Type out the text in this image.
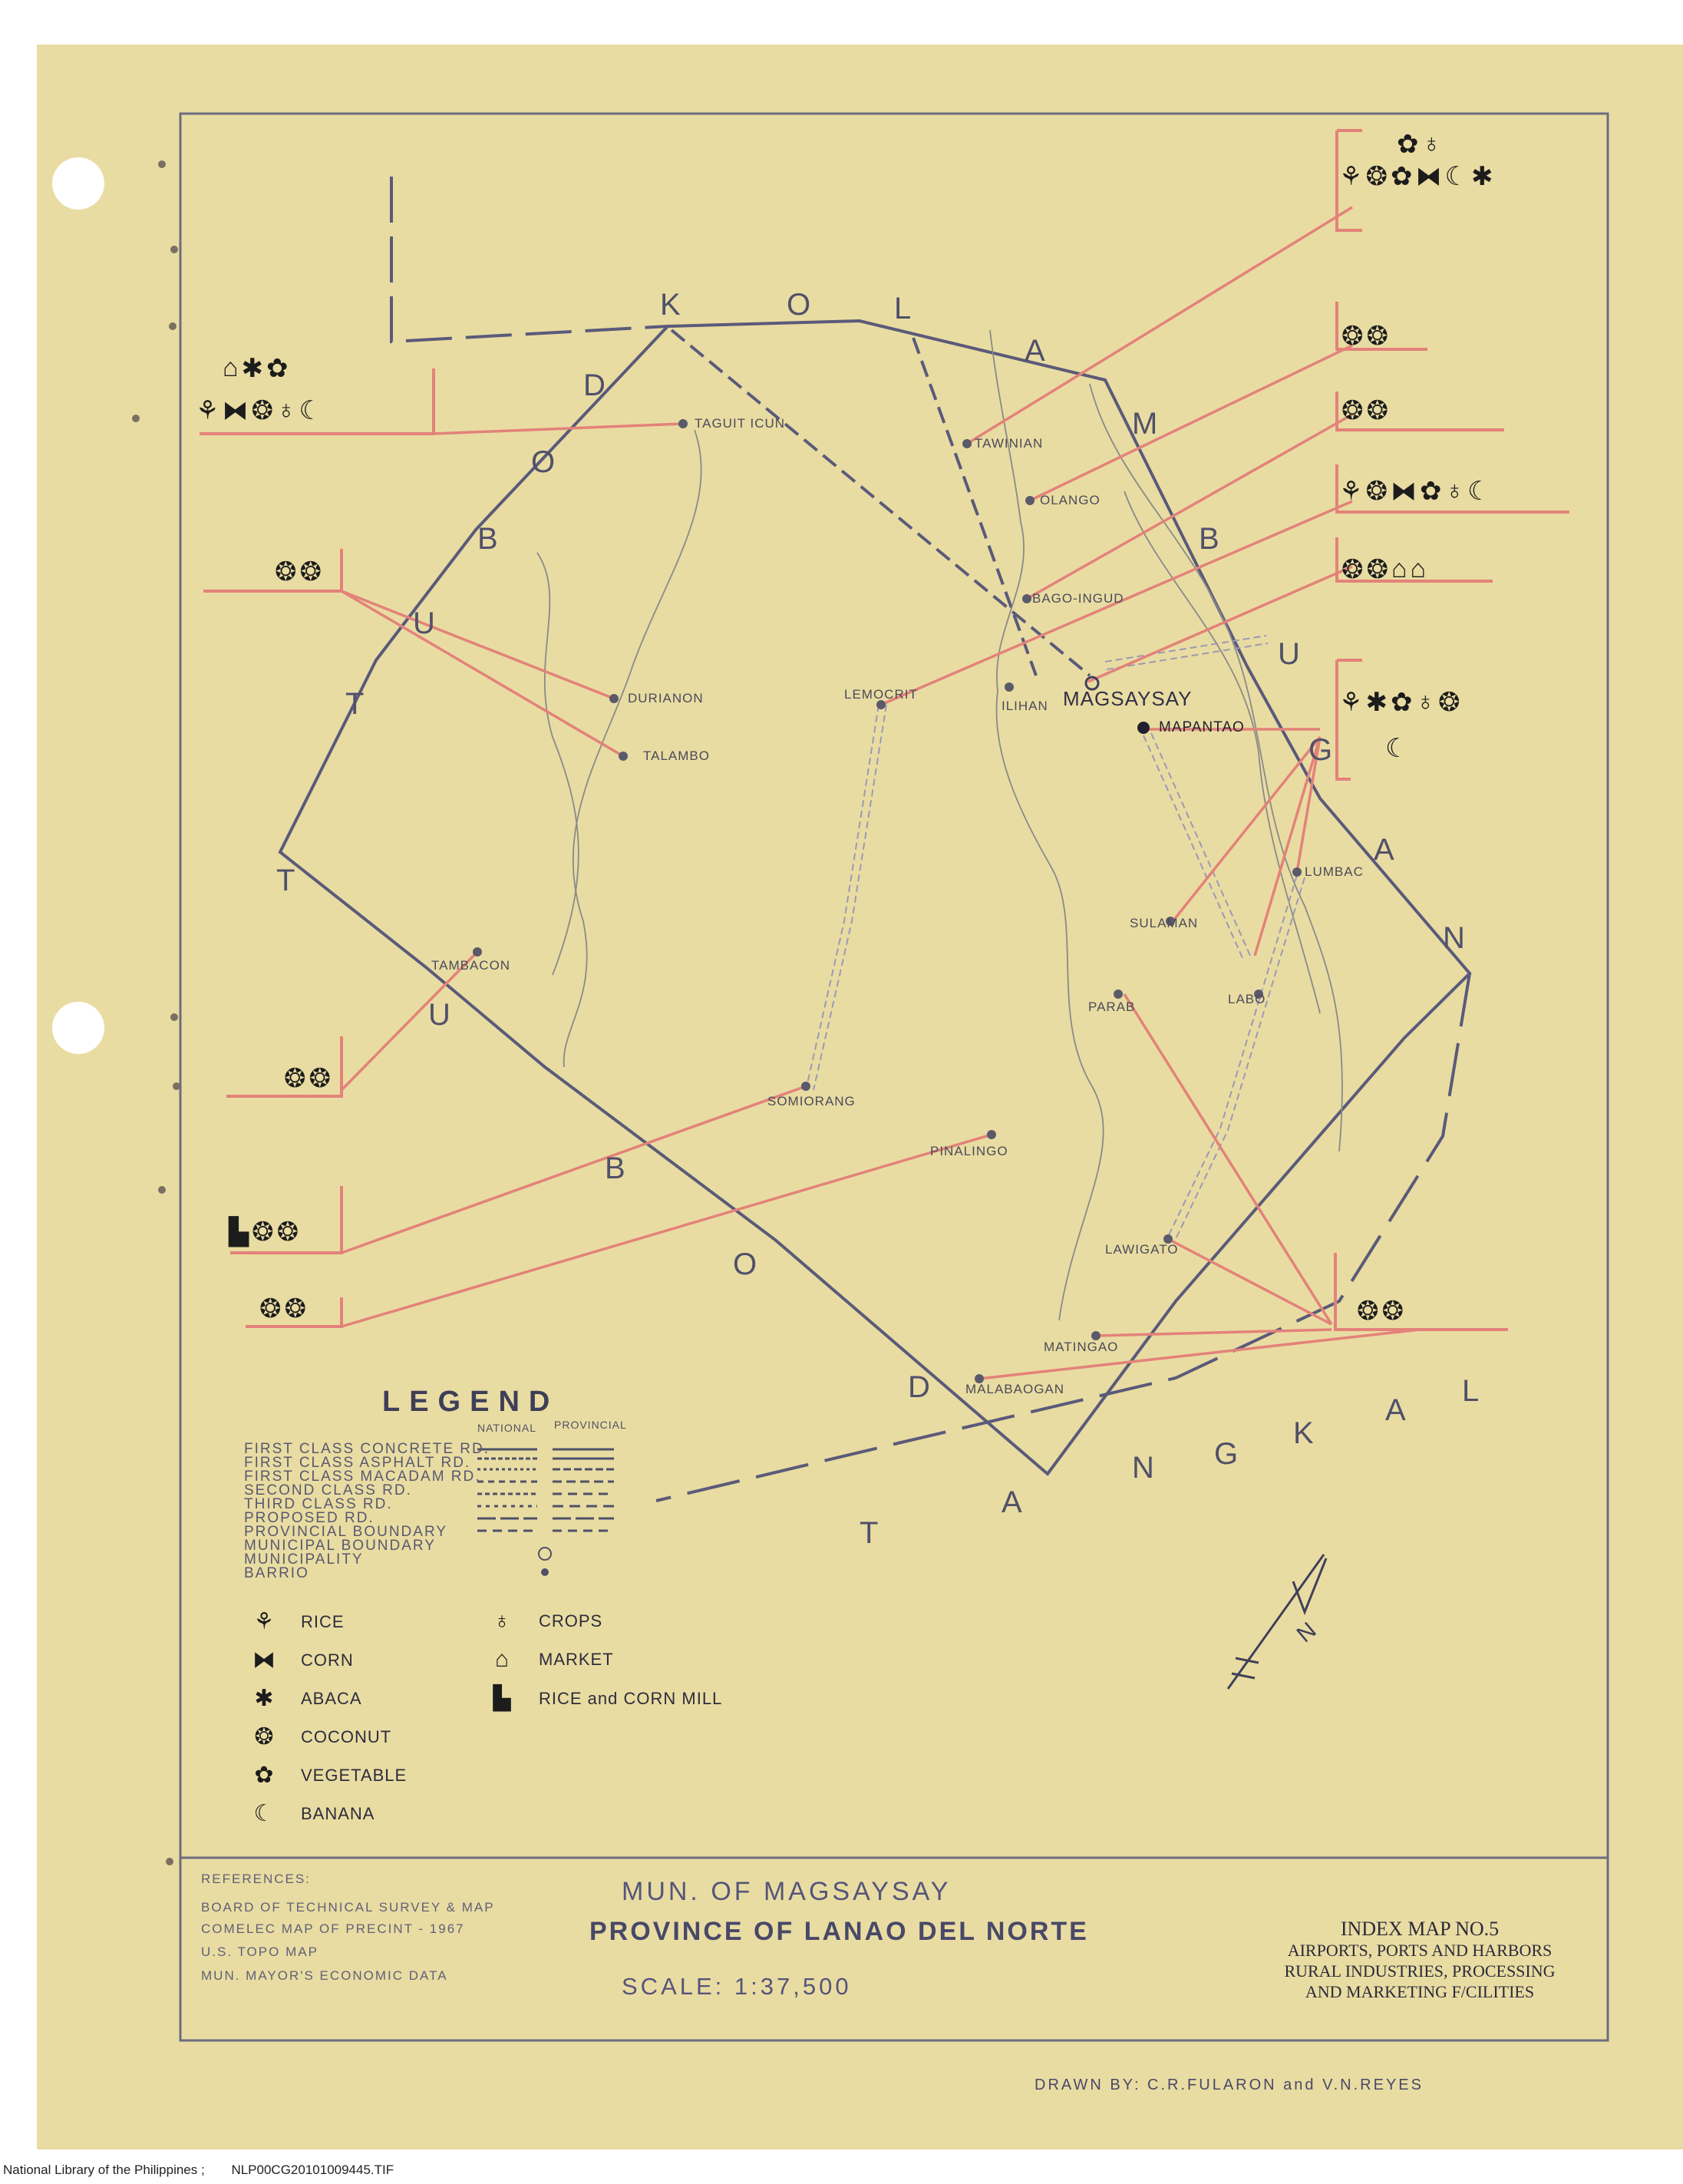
K	O	L
A
M
B
U
G
A
N
T
U
B
O
D
T
U
B
O
D
T
A
N G
K
A
L
TAGUIT ICUN
TAWINIAN
OLANGO
BAGO-INGUD
DURIANON
TALAMBO
LEMOCRIT
ILIHAN MAGSAYSAY
MAPANTAO
LUMBAC
SULAMAN
LABO
PARAB
TAMBACON
SOMIORANG
PINALINGO
LAWIGATO
MATINGAO
MALABAOGAN
✿ ♁
⚘ ❂ ✿ ⧓ ☾ ✱
❂ ❂
❂ ❂
⚘ ❂ ⧓ ✿ ♁ ☾
❂ ❂ ⌂ ⌂
⚘ ✱ ✿ ♁ ❂
☾
❂ ❂
⌂ ✱ ✿
⚘ ⧓ ❂ ♁ ☾
❂ ❂
❂ ❂
▙ ❂ ❂
❂ ❂
LEGEND
NATIONAL PROVINCIAL
FIRST CLASS CONCRETE RD.
FIRST CLASS ASPHALT RD.
FIRST CLASS MACADAM RD.
SECOND CLASS RD.
THIRD CLASS RD.
PROPOSED RD.
PROVINCIAL BOUNDARY
MUNICIPAL BOUNDARY
MUNICIPALITY
BARRIO
⚘	RICE
⧓	CORN
✱	ABACA
❂	COCONUT
✿	VEGETABLE
☾	BANANA
♁	CROPS
⌂	MARKET
▙	RICE and CORN MILL
REFERENCES:
BOARD OF TECHNICAL SURVEY & MAP
COMELEC MAP OF PRECINT - 1967
U.S. TOPO MAP
MUN. MAYOR'S ECONOMIC DATA
MUN. OF MAGSAYSAY
PROVINCE OF LANAO DEL NORTE
SCALE: 1:37,500
INDEX MAP NO.5
AIRPORTS, PORTS AND HARBORS
RURAL INDUSTRIES, PROCESSING
AND MARKETING F/CILITIES
DRAWN BY: C.R.FULARON and V.N.REYES
N
National Library of the Philippines ; NLP00CG20101009445.TIF
